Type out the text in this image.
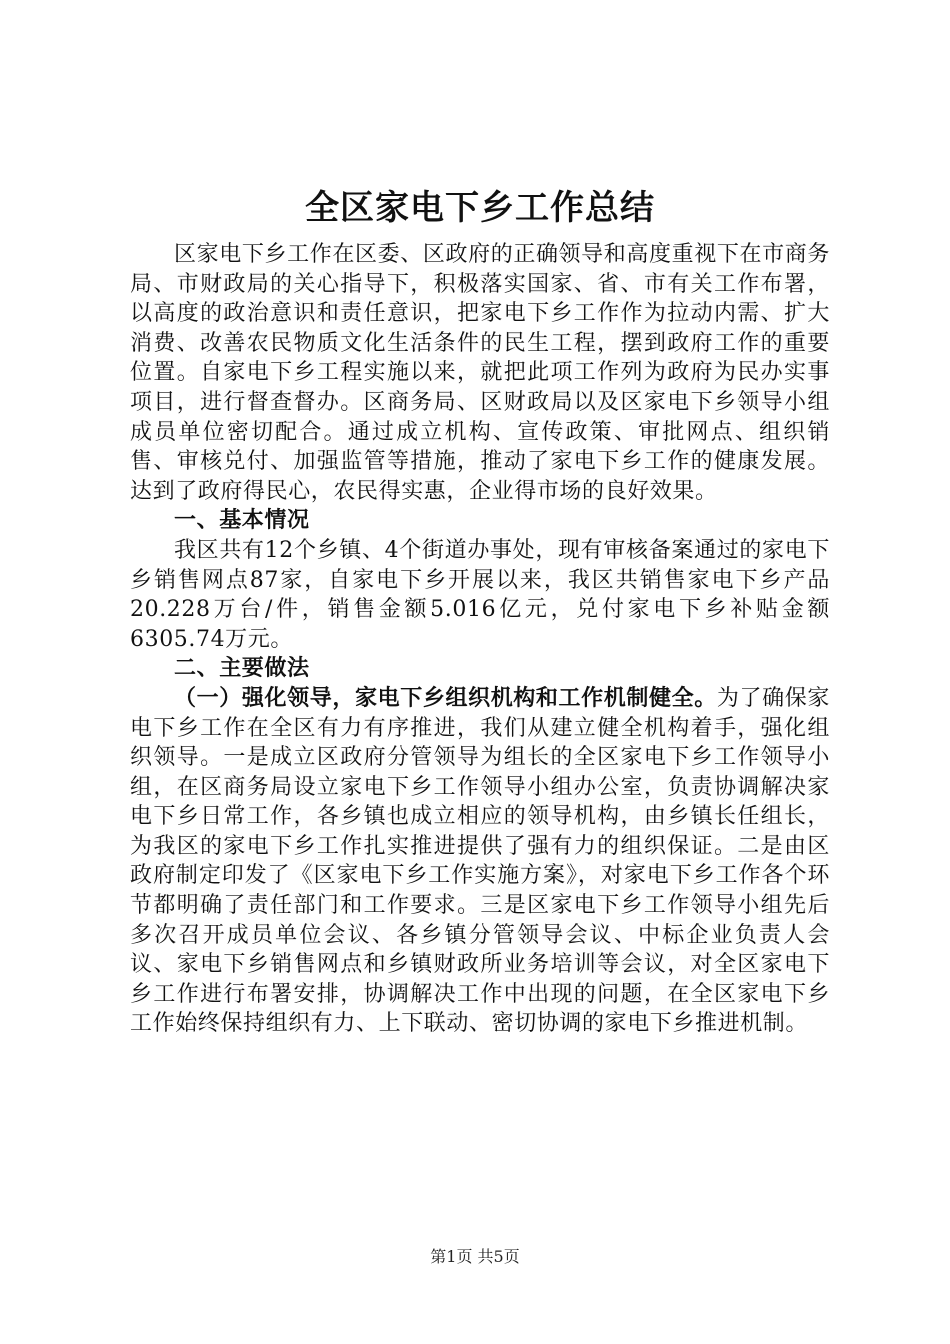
全区家电下乡工作总结

区家电下乡工作在区委、区政府的正确领导和高度重视下在市商务局、市财政局的关心指导下，积极落实国家、省、市有关工作布署，以高度的政治意识和责任意识，把家电下乡工作作为拉动内需、扩大消费、改善农民物质文化生活条件的民生工程，摆到政府工作的重要位置。自家电下乡工程实施以来，就把此项工作列为政府为民办实事项目，进行督查督办。区商务局、区财政局以及区家电下乡领导小组成员单位密切配合。通过成立机构、宣传政策、审批网点、组织销售、审核兑付、加强监管等措施，推动了家电下乡工作的健康发展。达到了政府得民心，农民得实惠，企业得市场的良好效果。

一、基本情况

我区共有12个乡镇、4个街道办事处，现有审核备案通过的家电下乡销售网点87家，自家电下乡开展以来，我区共销售家电下乡产品20.228万台/件，销售金额5.016亿元，兑付家电下乡补贴金额6305.74万元。

二、主要做法

（一）强化领导，家电下乡组织机构和工作机制健全。为了确保家电下乡工作在全区有力有序推进，我们从建立健全机构着手，强化组织领导。一是成立区政府分管领导为组长的全区家电下乡工作领导小组，在区商务局设立家电下乡工作领导小组办公室，负责协调解决家电下乡日常工作，各乡镇也成立相应的领导机构，由乡镇长任组长，为我区的家电下乡工作扎实推进提供了强有力的组织保证。二是由区政府制定印发了《区家电下乡工作实施方案》，对家电下乡工作各个环节都明确了责任部门和工作要求。三是区家电下乡工作领导小组先后多次召开成员单位会议、各乡镇分管领导会议、中标企业负责人会议、家电下乡销售网点和乡镇财政所业务培训等会议，对全区家电下乡工作进行布署安排，协调解决工作中出现的问题，在全区家电下乡工作始终保持组织有力、上下联动、密切协调的家电下乡推进机制。

第1页 共5页
